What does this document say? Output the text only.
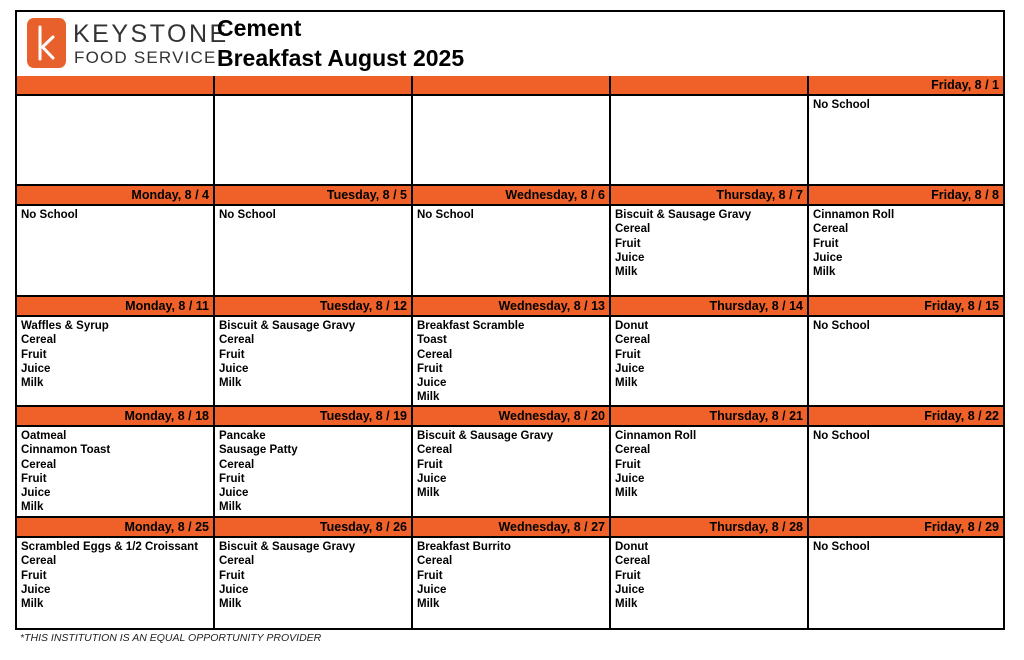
KEYSTONE
FOOD SERVICE
Cement
Breakfast August 2025
Friday, 8 / 1
No School
Monday, 8 / 4
No School
Tuesday, 8 / 5
No School
Wednesday, 8 / 6
No School
Thursday, 8 / 7
Biscuit & Sausage Gravy
Cereal
Fruit
Juice
Milk
Friday, 8 / 8
Cinnamon Roll
Cereal
Fruit
Juice
Milk
Monday, 8 / 11
Waffles & Syrup
Cereal
Fruit
Juice
Milk
Tuesday, 8 / 12
Biscuit & Sausage Gravy
Cereal
Fruit
Juice
Milk
Wednesday, 8 / 13
Breakfast Scramble
Toast
Cereal
Fruit
Juice
Milk
Thursday, 8 / 14
Donut
Cereal
Fruit
Juice
Milk
Friday, 8 / 15
No School
Monday, 8 / 18
Oatmeal
Cinnamon Toast
Cereal
Fruit
Juice
Milk
Tuesday, 8 / 19
Pancake
Sausage Patty
Cereal
Fruit
Juice
Milk
Wednesday, 8 / 20
Biscuit & Sausage Gravy
Cereal
Fruit
Juice
Milk
Thursday, 8 / 21
Cinnamon Roll
Cereal
Fruit
Juice
Milk
Friday, 8 / 22
No School
Monday, 8 / 25
Scrambled Eggs & 1/2 Croissant
Cereal
Fruit
Juice
Milk
Tuesday, 8 / 26
Biscuit & Sausage Gravy
Cereal
Fruit
Juice
Milk
Wednesday, 8 / 27
Breakfast Burrito
Cereal
Fruit
Juice
Milk
Thursday, 8 / 28
Donut
Cereal
Fruit
Juice
Milk
Friday, 8 / 29
No School
*THIS INSTITUTION IS AN EQUAL OPPORTUNITY PROVIDER
